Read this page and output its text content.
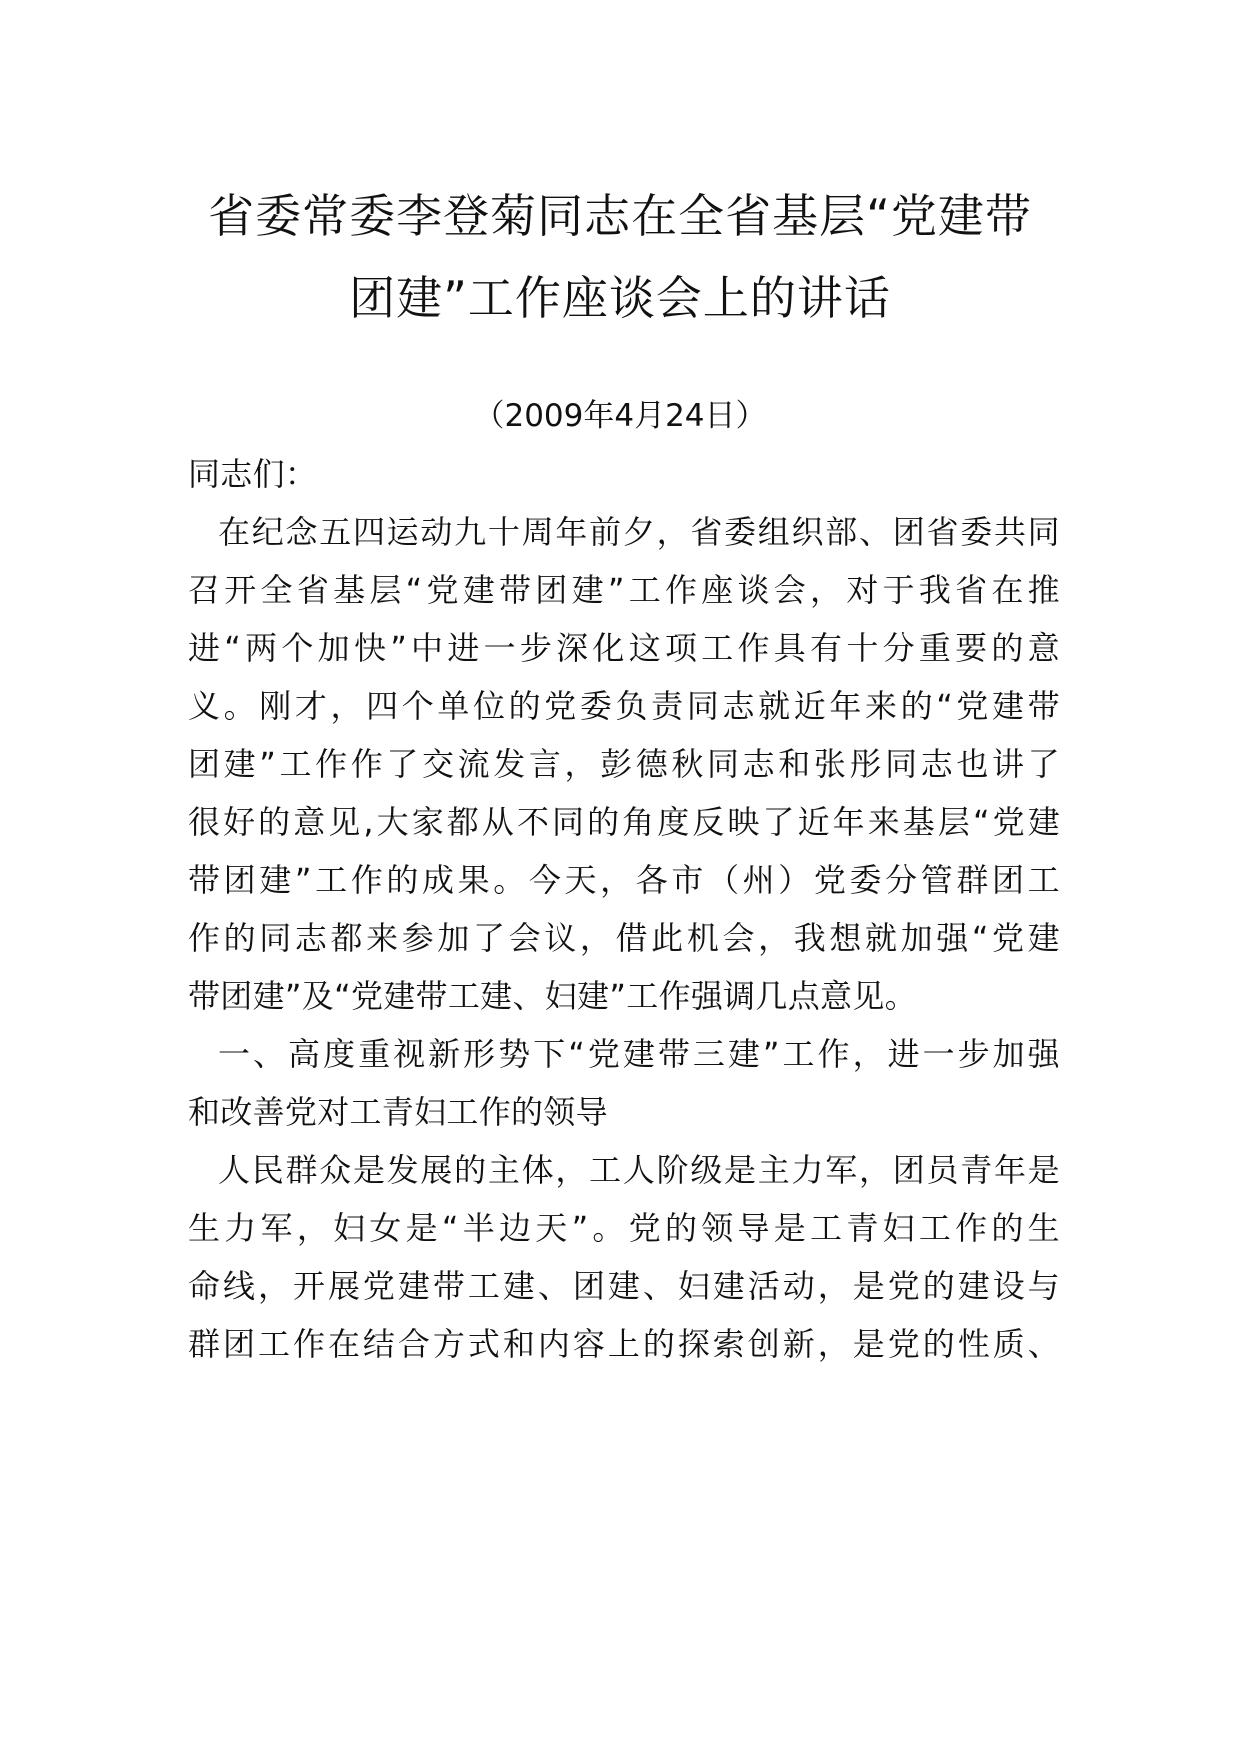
省委常委李登菊同志在全省基层“党建带
团建”工作座谈会上的讲话
（2009年4月24日）
同志们：
在纪念五四运动九十周年前夕，省委组织部、团省委共同
召开全省基层“党建带团建”工作座谈会，对于我省在推
进“两个加快”中进一步深化这项工作具有十分重要的意
义。刚才，四个单位的党委负责同志就近年来的“党建带
团建”工作作了交流发言，彭德秋同志和张彤同志也讲了
很好的意见,大家都从不同的角度反映了近年来基层“党建
带团建”工作的成果。今天，各市（州）党委分管群团工
作的同志都来参加了会议，借此机会，我想就加强“党建
带团建”及“党建带工建、妇建”工作强调几点意见。
一、高度重视新形势下“党建带三建”工作，进一步加强
和改善党对工青妇工作的领导
人民群众是发展的主体，工人阶级是主力军，团员青年是
生力军，妇女是“半边天”。党的领导是工青妇工作的生
命线，开展党建带工建、团建、妇建活动，是党的建设与
群团工作在结合方式和内容上的探索创新，是党的性质、
